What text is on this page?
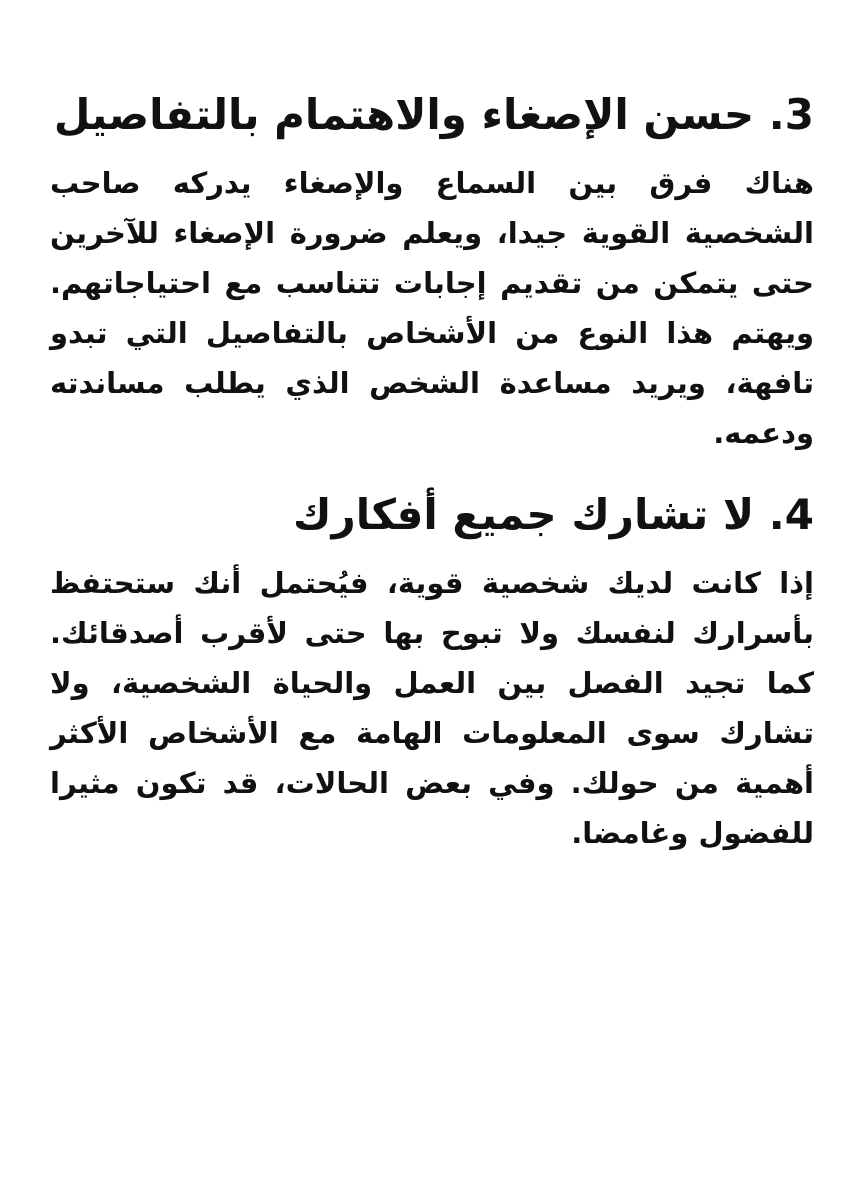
3. حسن الإصغاء والاهتمام بالتفاصيل

هناك فرق بين السماع والإصغاء يدركه صاحب الشخصية القوية جيدا، ويعلم ضرورة الإصغاء للآخرين حتى يتمكن من تقديم إجابات تتناسب مع احتياجاتهم. ويهتم هذا النوع من الأشخاص بالتفاصيل التي تبدو تافهة، ويريد مساعدة الشخص الذي يطلب مساندته ودعمه.

4. لا تشارك جميع أفكارك

إذا كانت لديك شخصية قوية، فيُحتمل أنك ستحتفظ بأسرارك لنفسك ولا تبوح بها حتى لأقرب أصدقائك. كما تجيد الفصل بين العمل والحياة الشخصية، ولا تشارك سوى المعلومات الهامة مع الأشخاص الأكثر أهمية من حولك. وفي بعض الحالات، قد تكون مثيرا للفضول وغامضا.
